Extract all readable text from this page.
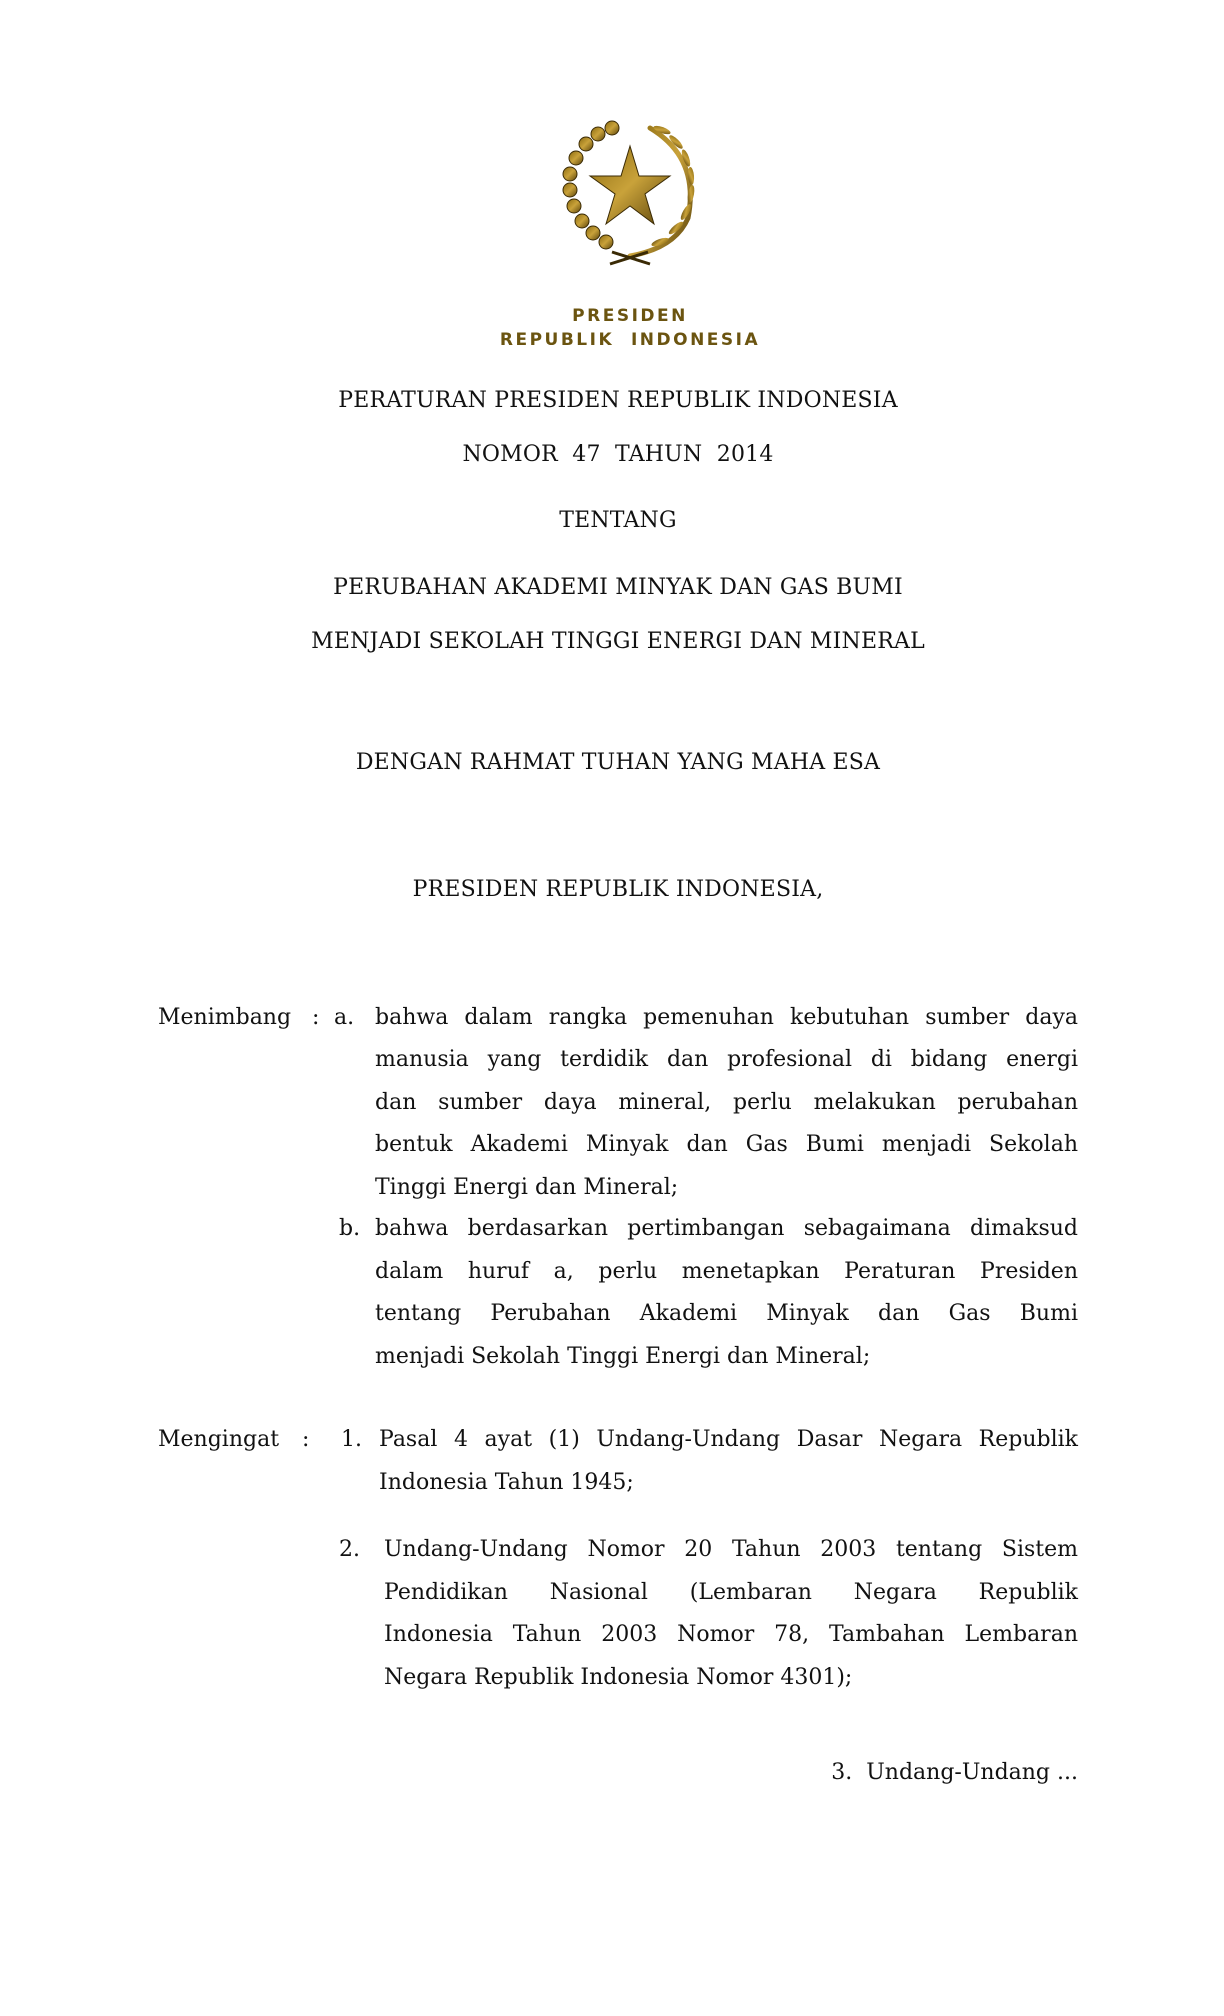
PRESIDEN
REPUBLIK  INDONESIA
PERATURAN PRESIDEN REPUBLIK INDONESIA
NOMOR  47  TAHUN  2014
TENTANG
PERUBAHAN AKADEMI MINYAK DAN GAS BUMI
MENJADI SEKOLAH TINGGI ENERGI DAN MINERAL
DENGAN RAHMAT TUHAN YANG MAHA ESA
PRESIDEN REPUBLIK INDONESIA,
Menimbang : a. bahwa dalam rangka pemenuhan kebutuhan sumber daya
manusia yang terdidik dan profesional di bidang energi
dan sumber daya mineral, perlu melakukan perubahan
bentuk Akademi Minyak dan Gas Bumi menjadi Sekolah
Tinggi Energi dan Mineral;
b. bahwa berdasarkan pertimbangan sebagaimana dimaksud
dalam huruf a, perlu menetapkan Peraturan Presiden
tentang Perubahan Akademi Minyak dan Gas Bumi
menjadi Sekolah Tinggi Energi dan Mineral;
Mengingat : 1. Pasal 4 ayat (1) Undang-Undang Dasar Negara Republik
Indonesia Tahun 1945;
2. Undang-Undang Nomor 20 Tahun 2003 tentang Sistem
Pendidikan Nasional (Lembaran Negara Republik
Indonesia Tahun 2003 Nomor 78, Tambahan Lembaran
Negara Republik Indonesia Nomor 4301);
3.  Undang-Undang ...
